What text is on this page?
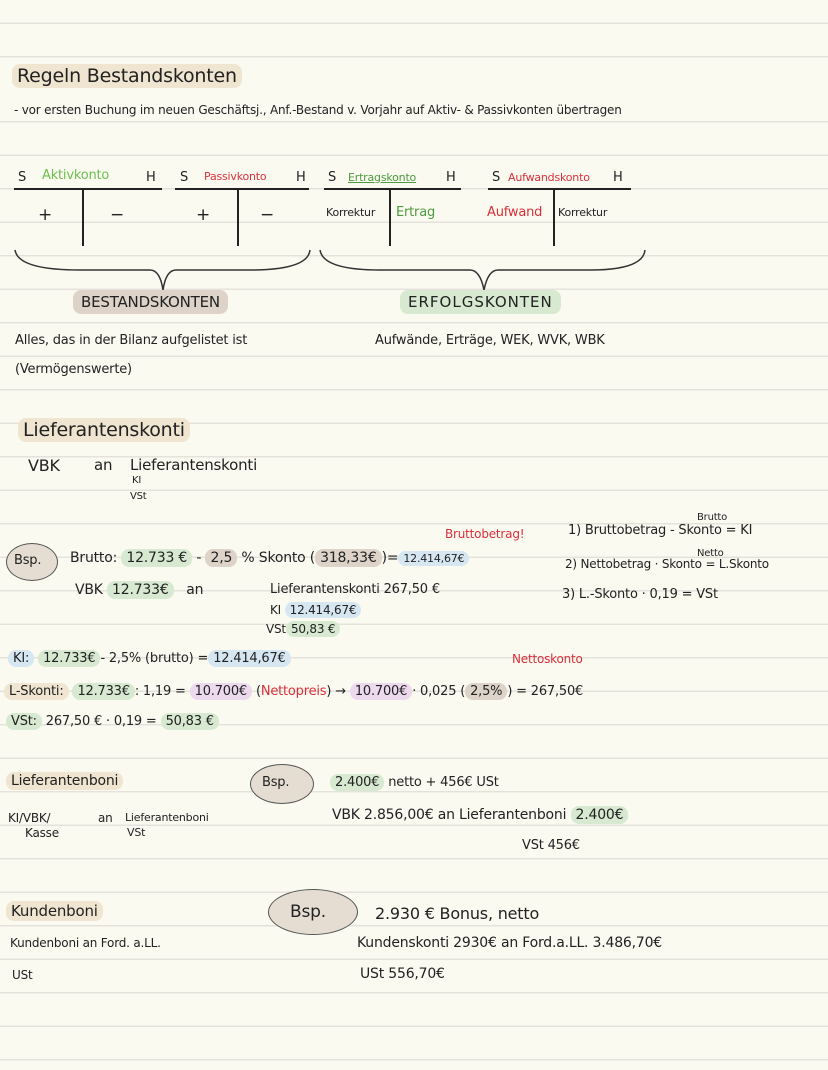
Regeln Bestandskonten
- vor ersten Buchung im neuen Geschäftsj., Anf.-Bestand v. Vorjahr auf Aktiv- & Passivkonten übertragen
S Aktivkonto	H
+	−
S Passivkonto H
+	−
S Ertragskonto H
Korrektur Ertrag
S Aufwandskonto H
Aufwand Korrektur
BESTANDSKONTEN	ERFOLGSKONTEN
Alles, das in der Bilanz aufgelistet ist
(Vermögenswerte)
Aufwände, Erträge, WEK, WVK, WBK
Lieferantenskonti
VBK an Lieferantenskonti
KI
VSt
Bruttobetrag!
Bsp. Brutto: 12.733 € - 2,5 % Skonto ( 318,33€ )= 12.414,67€
VBK 12.733€ an	Lieferantenskonti 267,50 €
KI 12.414,67€
VSt 50,83 €
Brutto
1) Bruttobetrag - Skonto = KI
Netto
2) Nettobetrag · Skonto = L.Skonto
3) L.-Skonto · 0,19 = VSt
KI: 12.733€ - 2,5% (brutto) = 12.414,67€	Nettoskonto
L-Skonti: 12.733€ : 1,19 = 10.700€ (Nettopreis) → 10.700€ · 0,025 ( 2,5% ) = 267,50€
VSt: 267,50 € · 0,19 = 50,83 €
Lieferantenboni
KI/VBK/
Kasse
an Lieferantenboni
VSt
Bsp.	2.400€ netto + 456€ USt
VBK 2.856,00€ an Lieferantenboni 2.400€
VSt 456€
Kundenboni
Kundenboni an Ford. a.LL.
USt
Bsp.	2.930 € Bonus, netto
Kundenskonti 2930€ an Ford.a.LL. 3.486,70€
USt 556,70€
